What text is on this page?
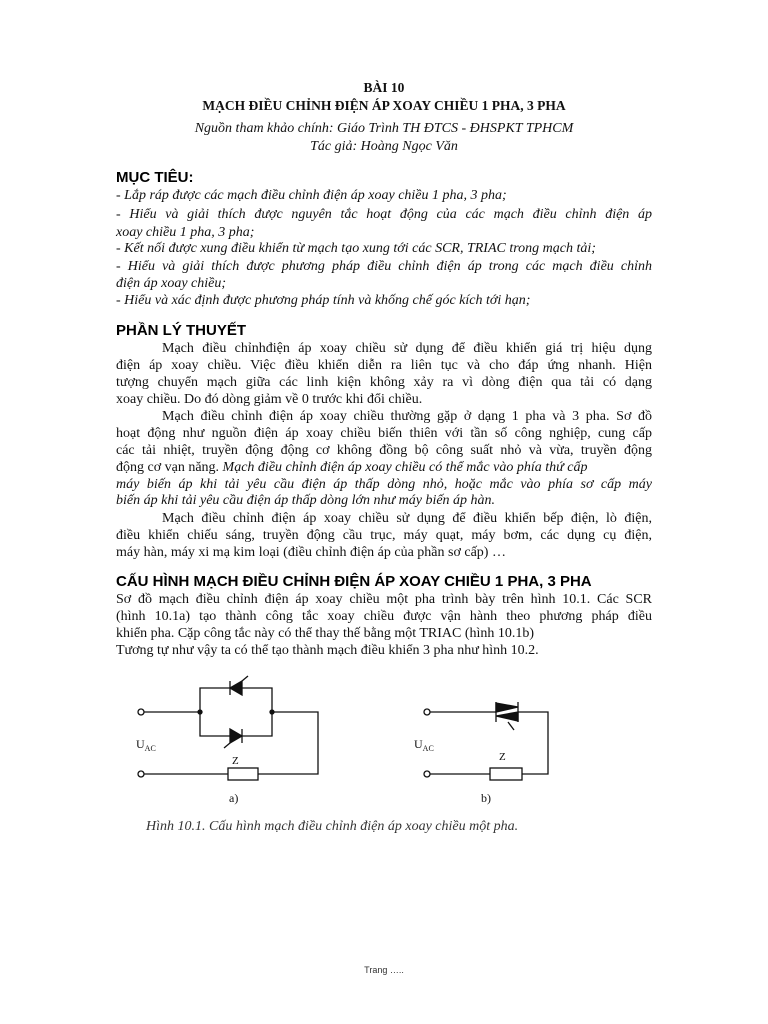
BÀI 10
MẠCH ĐIỀU CHỈNH ĐIỆN ÁP XOAY CHIỀU 1 PHA, 3 PHA
Nguồn tham khảo chính: Giáo Trình TH ĐTCS - ĐHSPKT TPHCM
Tác giả: Hoàng Ngọc Văn
MỤC TIÊU:
- Lắp ráp được các mạch điều chỉnh điện áp xoay chiều 1 pha, 3 pha;
- Hiểu và giải thích được nguyên tắc hoạt động của các mạch điều chỉnh điện áp
xoay chiều 1 pha, 3 pha;
- Kết nối được xung điều khiển từ mạch tạo xung tới các SCR, TRIAC trong mạch tải;
- Hiểu và giải thích được phương pháp điều chỉnh điện áp trong các mạch điều chỉnh
điện áp xoay chiều;
- Hiểu và xác định được phương pháp tính và khống chế góc kích tới hạn;
PHẦN LÝ THUYẾT
Mạch điều chỉnhđiện áp xoay chiều sử dụng để điều khiển giá trị hiệu dụng
điện áp xoay chiều. Việc điều khiển diễn ra liên tục và cho đáp ứng nhanh. Hiện
tượng chuyển mạch giữa các linh kiện không xảy ra vì dòng điện qua tải có dạng
xoay chiều. Do đó dòng giảm về 0 trước khi đổi chiều.
Mạch điều chỉnh điện áp xoay chiều thường gặp ở dạng 1 pha và 3 pha. Sơ đồ
hoạt động như nguồn điện áp xoay chiều biến thiên với tần số công nghiệp, cung cấp
các tải nhiệt, truyền động động cơ không đồng bộ công suất nhỏ và vừa, truyền động
động cơ vạn năng. Mạch điều chỉnh điện áp xoay chiều có thể mắc vào phía thứ cấp
máy biến áp khi tải yêu cầu điện áp thấp dòng nhỏ, hoặc mắc vào phía sơ cấp máy
biến áp khi tải yêu cầu điện áp thấp dòng lớn như máy biến áp hàn.
Mạch điều chỉnh điện áp xoay chiều sử dụng để điều khiển bếp điện, lò điện,
điều khiển chiếu sáng, truyền động cầu trục, máy quạt, máy bơm, các dụng cụ điện,
máy hàn, máy xi mạ kim loại (điều chỉnh điện áp của phần sơ cấp) …
CẤU HÌNH MẠCH ĐIỀU CHỈNH ĐIỆN ÁP XOAY CHIỀU 1 PHA, 3 PHA
Sơ đồ mạch điều chỉnh điện áp xoay chiều một pha trình bày trên hình 10.1. Các SCR
(hình 10.1a) tạo thành công tắc xoay chiều được vận hành theo phương pháp điều
khiển pha. Cặp công tắc này có thể thay thế bằng một TRIAC (hình 10.1b)
Tương tự như vậy ta có thể tạo thành mạch điều khiển 3 pha như hình 10.2.
$U_{AC}$
Z
a)
$U_{AC}$
Z
b)
Hình 10.1. Cấu hình mạch điều chỉnh điện áp xoay chiều một pha.
Trang …..
